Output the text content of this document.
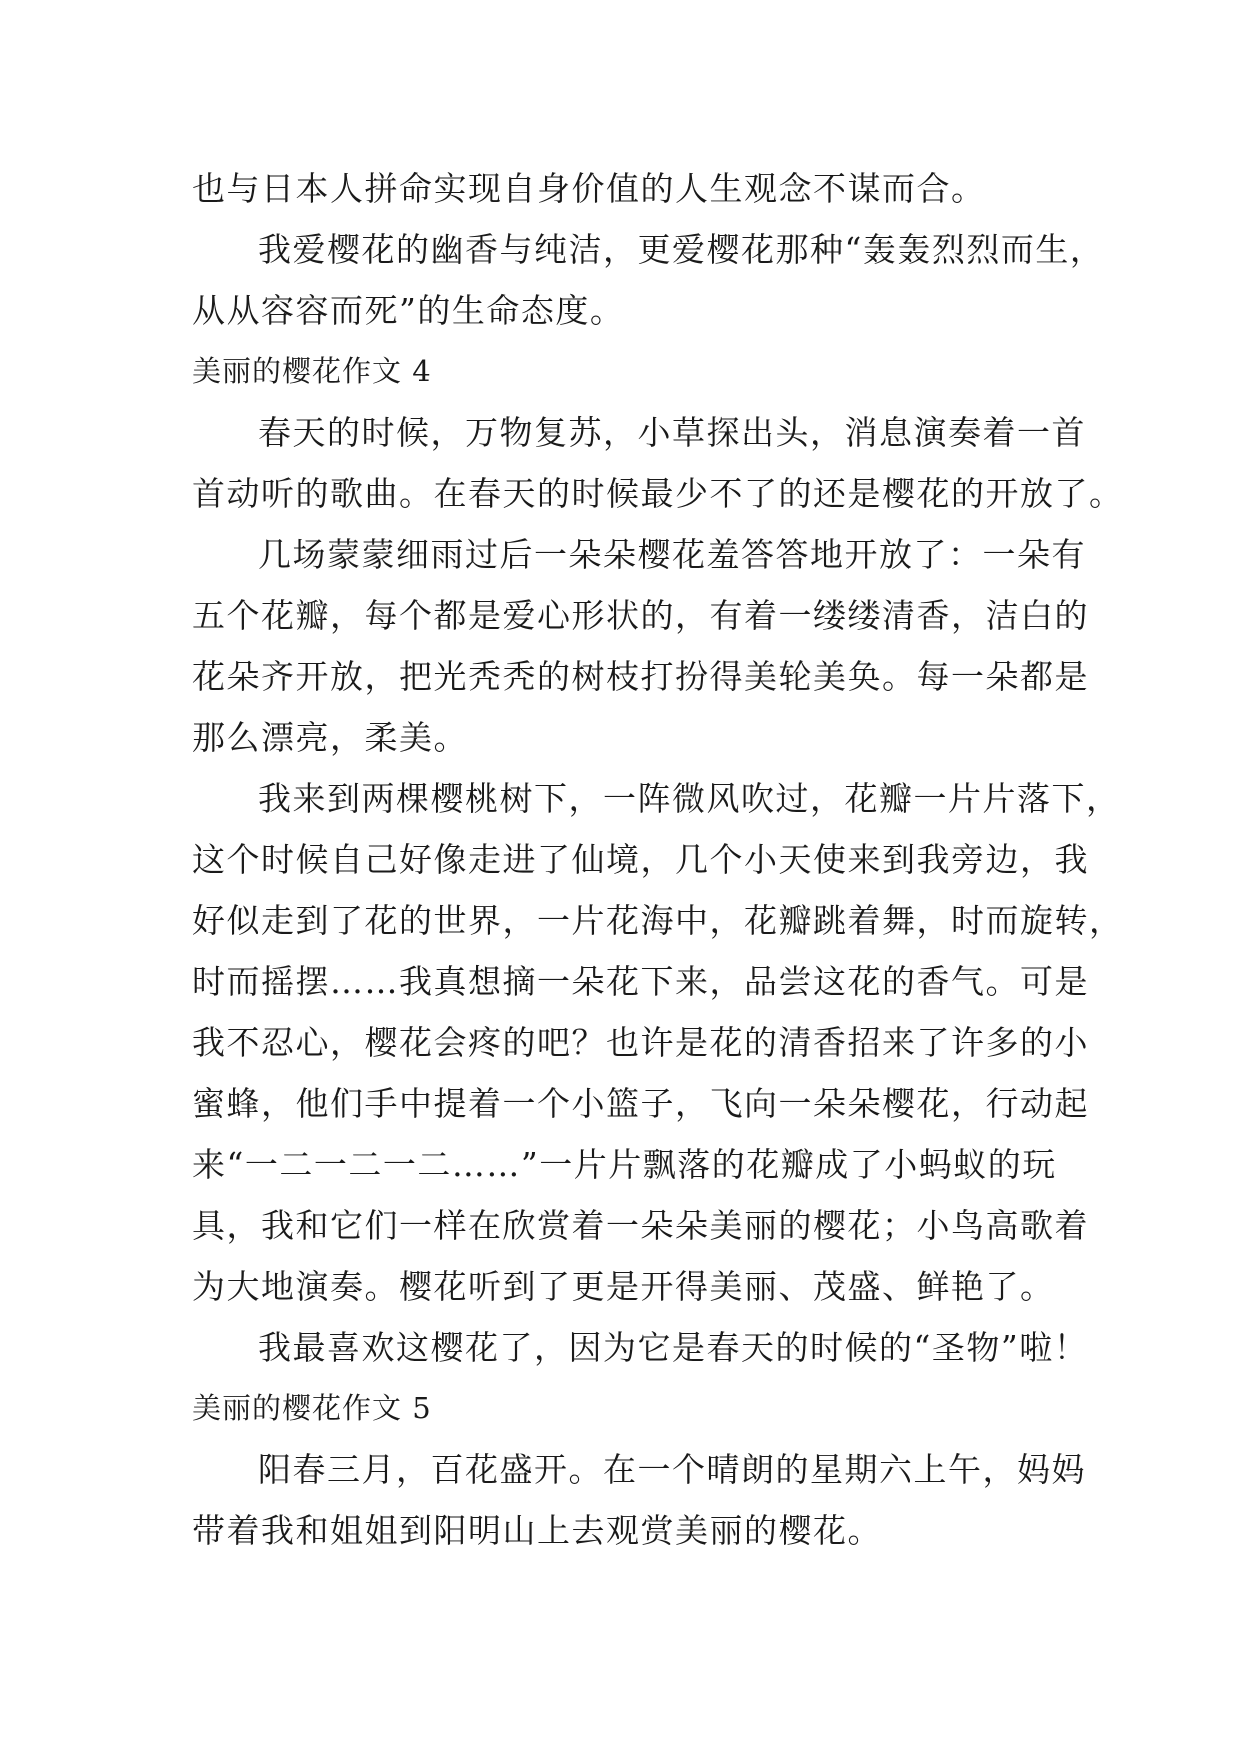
也与日本人拼命实现自身价值的人生观念不谋而合。
我爱樱花的幽香与纯洁，更爱樱花那种“轰轰烈烈而生，
从从容容而死”的生命态度。
美丽的樱花作文 4
春天的时候，万物复苏，小草探出头，消息演奏着一首
首动听的歌曲。在春天的时候最少不了的还是樱花的开放了。
几场蒙蒙细雨过后一朵朵樱花羞答答地开放了：一朵有
五个花瓣，每个都是爱心形状的，有着一缕缕清香，洁白的
花朵齐开放，把光秃秃的树枝打扮得美轮美奂。每一朵都是
那么漂亮，柔美。
我来到两棵樱桃树下，一阵微风吹过，花瓣一片片落下，
这个时候自己好像走进了仙境，几个小天使来到我旁边，我
好似走到了花的世界，一片花海中，花瓣跳着舞，时而旋转，
时而摇摆……我真想摘一朵花下来，品尝这花的香气。可是
我不忍心，樱花会疼的吧？也许是花的清香招来了许多的小
蜜蜂，他们手中提着一个小篮子，飞向一朵朵樱花，行动起
来“一二一二一二……”一片片飘落的花瓣成了小蚂蚁的玩
具，我和它们一样在欣赏着一朵朵美丽的樱花；小鸟高歌着
为大地演奏。樱花听到了更是开得美丽、茂盛、鲜艳了。
我最喜欢这樱花了，因为它是春天的时候的“圣物”啦！
美丽的樱花作文 5
阳春三月，百花盛开。在一个晴朗的星期六上午，妈妈
带着我和姐姐到阳明山上去观赏美丽的樱花。
